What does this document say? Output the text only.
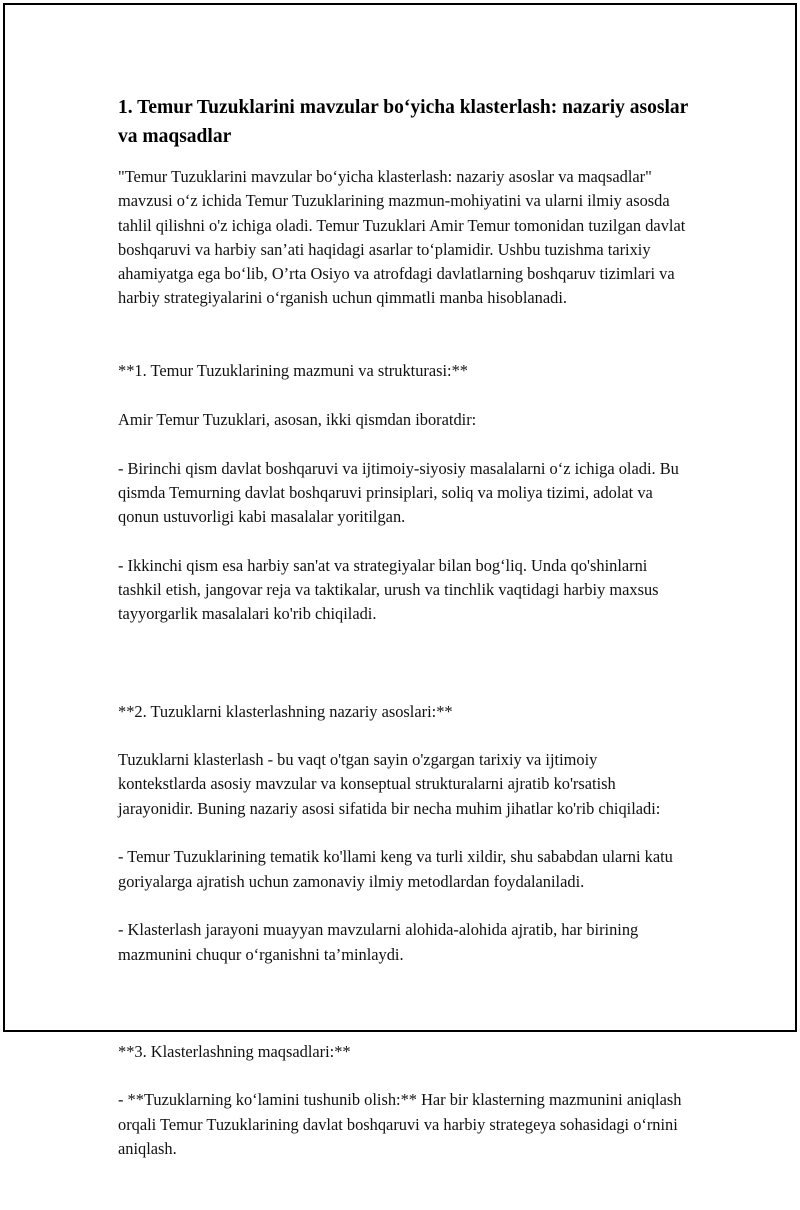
1. Temur Tuzuklarini mavzular bo‘yicha klasterlash: nazariy asoslar va maqsadlar

"Temur Tuzuklarini mavzular bo‘yicha klasterlash: nazariy asoslar va maqsadlar" mavzusi o‘z ichida Temur Tuzuklarining mazmun-mohiyatini va ularni ilmiy asosda tahlil qilishni o'z ichiga oladi. Temur Tuzuklari Amir Temur tomonidan tuzilgan davlat boshqaruvi va harbiy san’ati haqidagi asarlar to‘plamidir. Ushbu tuzishma tarixiy ahamiyatga ega bo‘lib, O’rta Osiyo va atrofdagi davlatlarning boshqaruv tizimlari va harbiy strategiyalarini o‘rganish uchun qimmatli manba hisoblanadi.

**1. Temur Tuzuklarining mazmuni va strukturasi:**

Amir Temur Tuzuklari, asosan, ikki qismdan iboratdir:

- Birinchi qism davlat boshqaruvi va ijtimoiy-siyosiy masalalarni o‘z ichiga oladi. Bu qismda Temurning davlat boshqaruvi prinsiplari, soliq va moliya tizimi, adolat va qonun ustuvorligi kabi masalalar yoritilgan.

- Ikkinchi qism esa harbiy san'at va strategiyalar bilan bog‘liq. Unda qo'shinlarni tashkil etish, jangovar reja va taktikalar, urush va tinchlik vaqtidagi harbiy maxsus tayyorgarlik masalalari ko'rib chiqiladi.

**2. Tuzuklarni klasterlashning nazariy asoslari:**

Tuzuklarni klasterlash - bu vaqt o'tgan sayin o'zgargan tarixiy va ijtimoiy kontekstlarda asosiy mavzular va konseptual strukturalarni ajratib ko'rsatish jarayonidir. Buning nazariy asosi sifatida bir necha muhim jihatlar ko'rib chiqiladi:

- Temur Tuzuklarining tematik ko'llami keng va turli xildir, shu sababdan ularni katu goriyalarga ajratish uchun zamonaviy ilmiy metodlardan foydalaniladi.

- Klasterlash jarayoni muayyan mavzularni alohida-alohida ajratib, har birining mazmunini chuqur o‘rganishni ta’minlaydi.

**3. Klasterlashning maqsadlari:**

- **Tuzuklarning ko‘lamini tushunib olish:** Har bir klasterning mazmunini aniqlash orqali Temur Tuzuklarining davlat boshqaruvi va harbiy strategeya sohasidagi o‘rnini aniqlash.
